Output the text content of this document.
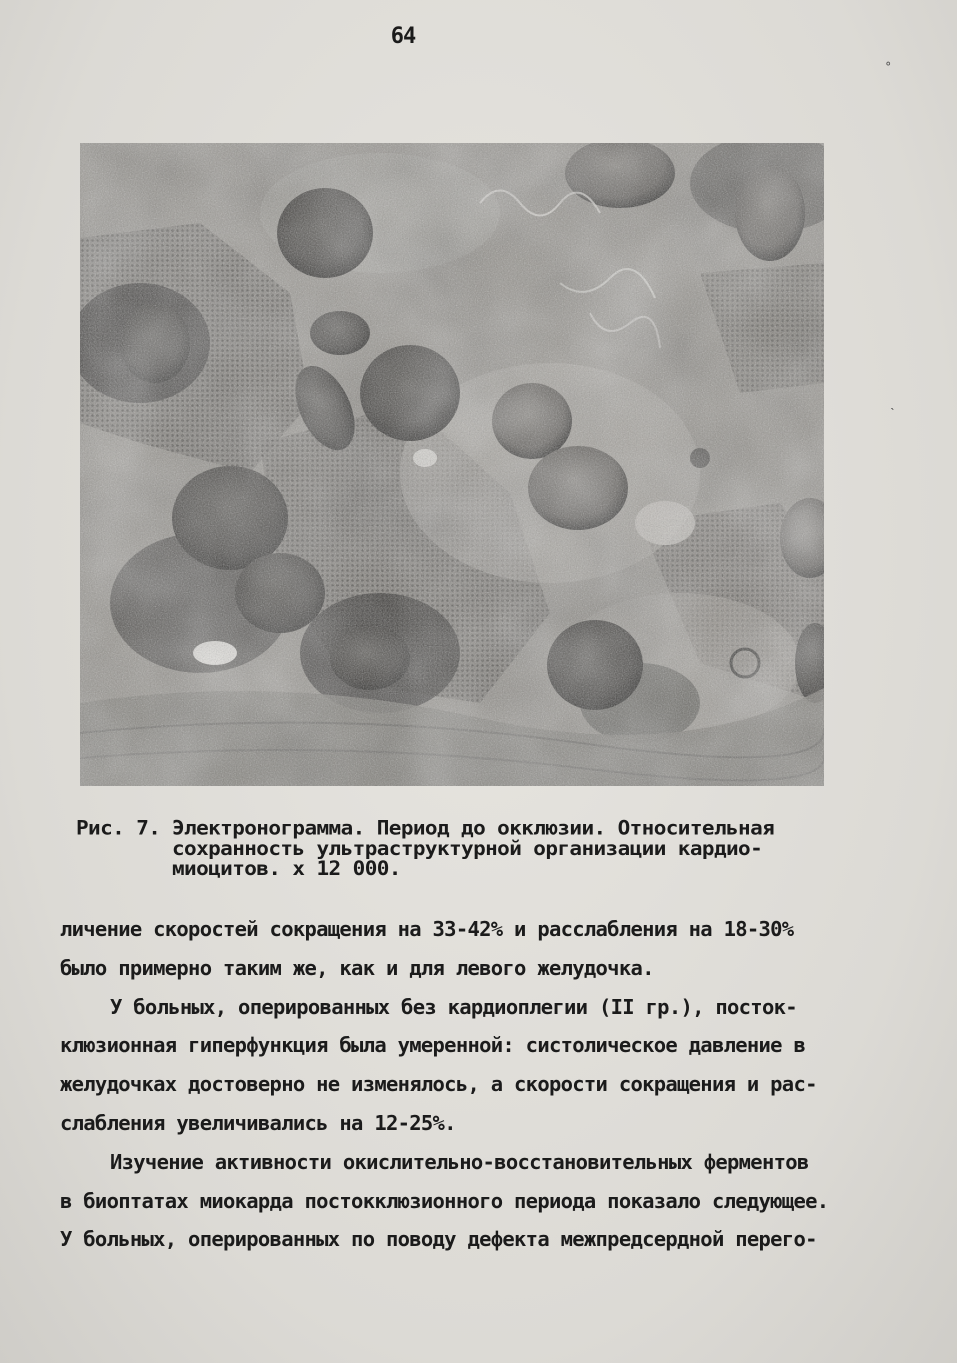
64
Рис. 7. Электронограмма. Период до окклюзии. Относительная
сохранность ультраструктурной организации кардио-
миоцитов. х 12 000.
личение скоростей сокращения на 33-42% и расслабления на 18-30%
было примерно таким же, как и для левого желудочка.
У больных, оперированных без кардиоплегии (II гр.), посток-
клюзионная гиперфункция была умеренной: систолическое давление в
желудочках достоверно не изменялось, а скорости сокращения и рас-
слабления увеличивались на 12-25%.
Изучение активности окислительно-восстановительных ферментов
в биоптатах миокарда постокклюзионного периода показало следующее.
У больных, оперированных по поводу дефекта межпредсердной перего-
˚
˴
